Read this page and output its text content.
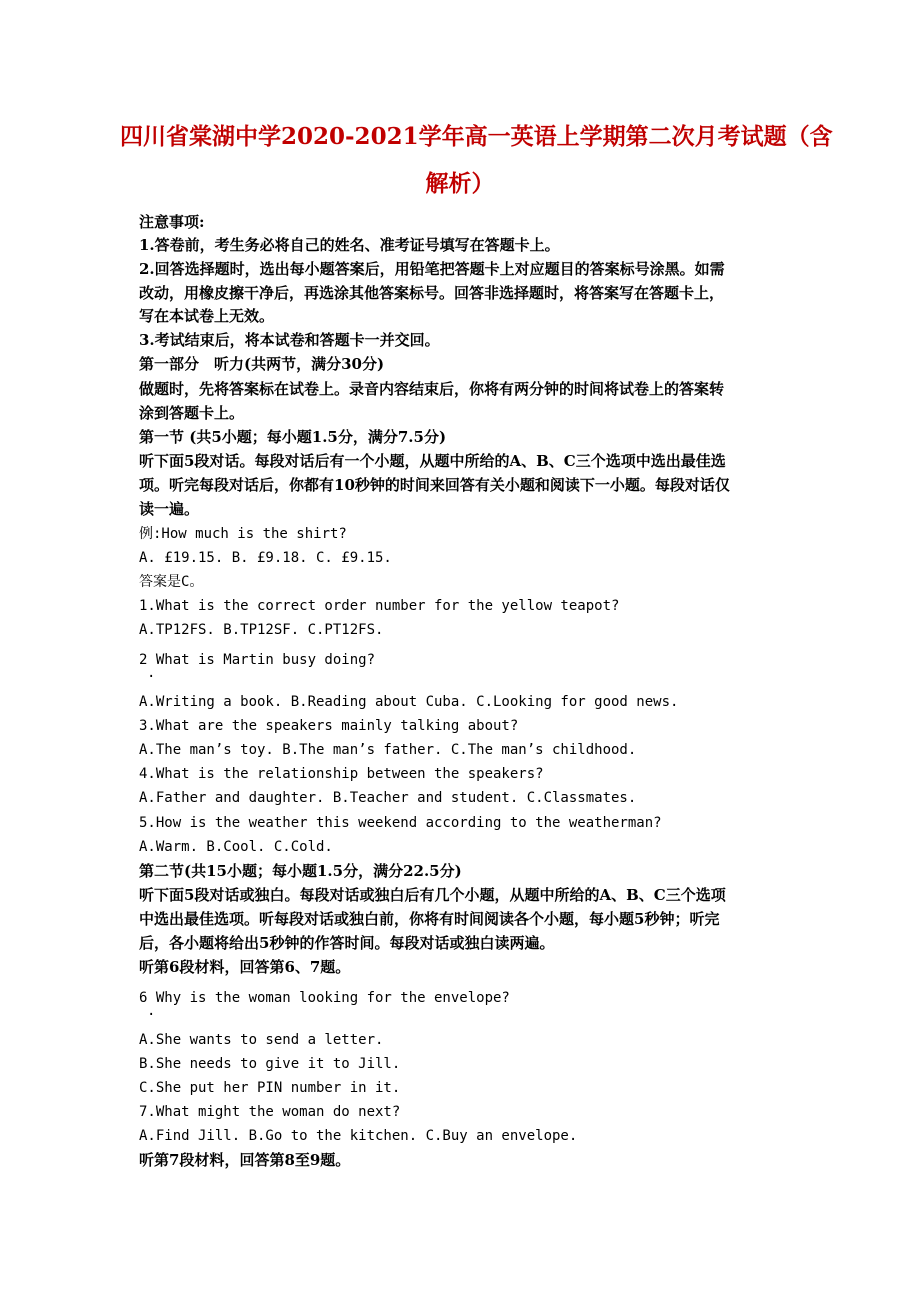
四川省棠湖中学2020-2021学年高一英语上学期第二次月考试题（含
解析）
注意事项:
1.答卷前，考生务必将自己的姓名、准考证号填写在答题卡上。
2.回答选择题时，选出每小题答案后，用铅笔把答题卡上对应题目的答案标号涂黑。如需
改动，用橡皮擦干净后，再选涂其他答案标号。回答非选择题时，将答案写在答题卡上，
写在本试卷上无效。
3.考试结束后，将本试卷和答题卡一并交回。
第一部分　听力(共两节，满分30分)
做题时，先将答案标在试卷上。录音内容结束后，你将有两分钟的时间将试卷上的答案转
涂到答题卡上。
第一节 (共5小题；每小题1.5分，满分7.5分)
听下面5段对话。每段对话后有一个小题，从题中所给的A、B、C三个选项中选出最佳选
项。听完每段对话后，你都有10秒钟的时间来回答有关小题和阅读下一小题。每段对话仅
读一遍。
例:How much is the shirt?
A. £19.15. B. £9.18. C. £9.15.
答案是C。
1.What is the correct order number for the yellow teapot?
A.TP12FS. B.TP12SF. C.PT12FS.
2 What is Martin busy doing?
·
A.Writing a book. B.Reading about Cuba. C.Looking for good news.
3.What are the speakers mainly talking about?
A.The man’s toy. B.The man’s father. C.The man’s childhood.
4.What is the relationship between the speakers?
A.Father and daughter. B.Teacher and student. C.Classmates.
5.How is the weather this weekend according to the weatherman?
A.Warm. B.Cool. C.Cold.
第二节(共15小题；每小题1.5分，满分22.5分)
听下面5段对话或独白。每段对话或独白后有几个小题，从题中所给的A、B、C三个选项
中选出最佳选项。听每段对话或独白前，你将有时间阅读各个小题，每小题5秒钟；听完
后，各小题将给出5秒钟的作答时间。每段对话或独白读两遍。
听第6段材料，回答第6、7题。
6 Why is the woman looking for the envelope?
·
A.She wants to send a letter.
B.She needs to give it to Jill.
C.She put her PIN number in it.
7.What might the woman do next?
A.Find Jill. B.Go to the kitchen. C.Buy an envelope.
听第7段材料，回答第8至9题。
